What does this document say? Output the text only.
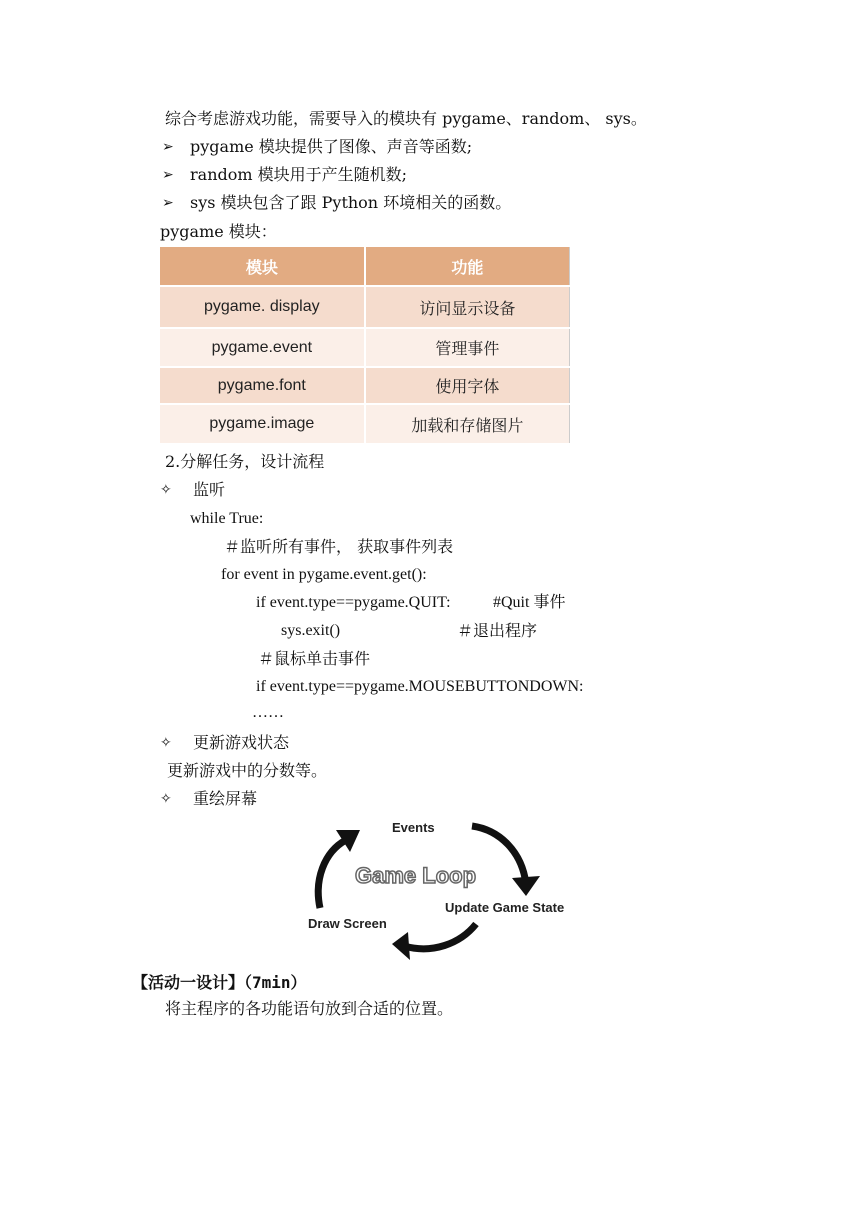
综合考虑游戏功能，需要导入的模块有 pygame、random、 sys。
➢ pygame 模块提供了图像、声音等函数;
➢ random 模块用于产生随机数;
➢ sys 模块包含了跟 Python 环境相关的函数。
pygame 模块：
模块	功能
pygame. display	访问显示设备
pygame.event	管理事件
pygame.font	使用字体
pygame.image	加载和存储图片
2.分解任务，设计流程
✧ 监听
while True:
＃监听所有事件， 获取事件列表
for event in pygame.event.get():
if event.type==pygame.QUIT:	#Quit 事件
sys.exit()	＃退出程序
＃鼠标单击事件
if event.type==pygame.MOUSEBUTTONDOWN:
……
✧ 更新游戏状态
更新游戏中的分数等。
✧ 重绘屏幕
Events
Game Loop
Update Game State
Draw Screen
【活动一设计】（7min）
将主程序的各功能语句放到合适的位置。
